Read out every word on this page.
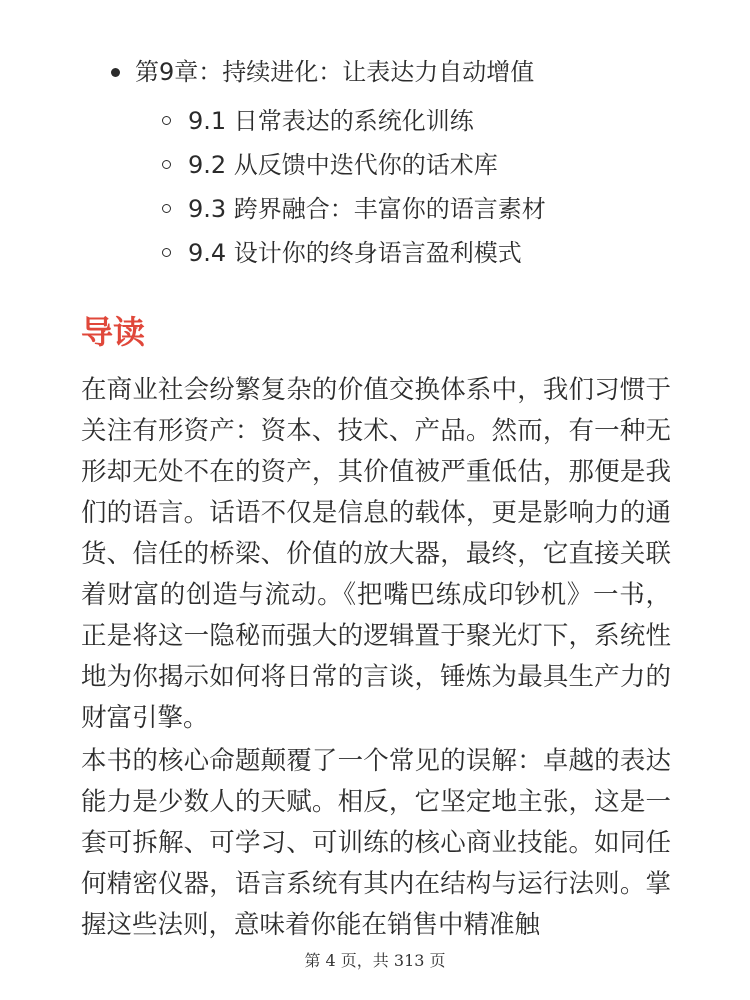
第9章：持续进化：让表达力自动增值
9.1 日常表达的系统化训练
9.2 从反馈中迭代你的话术库
9.3 跨界融合：丰富你的语言素材
9.4 设计你的终身语言盈利模式
导读

在商业社会纷繁复杂的价值交换体系中，我们习惯于关注有形资产：资本、技术、产品。然而，有一种无形却无处不在的资产，其价值被严重低估，那便是我们的语言。话语不仅是信息的载体，更是影响力的通货、信任的桥梁、价值的放大器，最终，它直接关联着财富的创造与流动。《把嘴巴练成印钞机》一书，正是将这一隐秘而强大的逻辑置于聚光灯下，系统性地为你揭示如何将日常的言谈，锤炼为最具生产力的财富引擎。

本书的核心命题颠覆了一个常见的误解：卓越的表达能力是少数人的天赋。相反，它坚定地主张，这是一套可拆解、可学习、可训练的核心商业技能。如同任何精密仪器，语言系统有其内在结构与运行法则。掌握这些法则，意味着你能在销售中精准触

第 4 页，共 313 页
